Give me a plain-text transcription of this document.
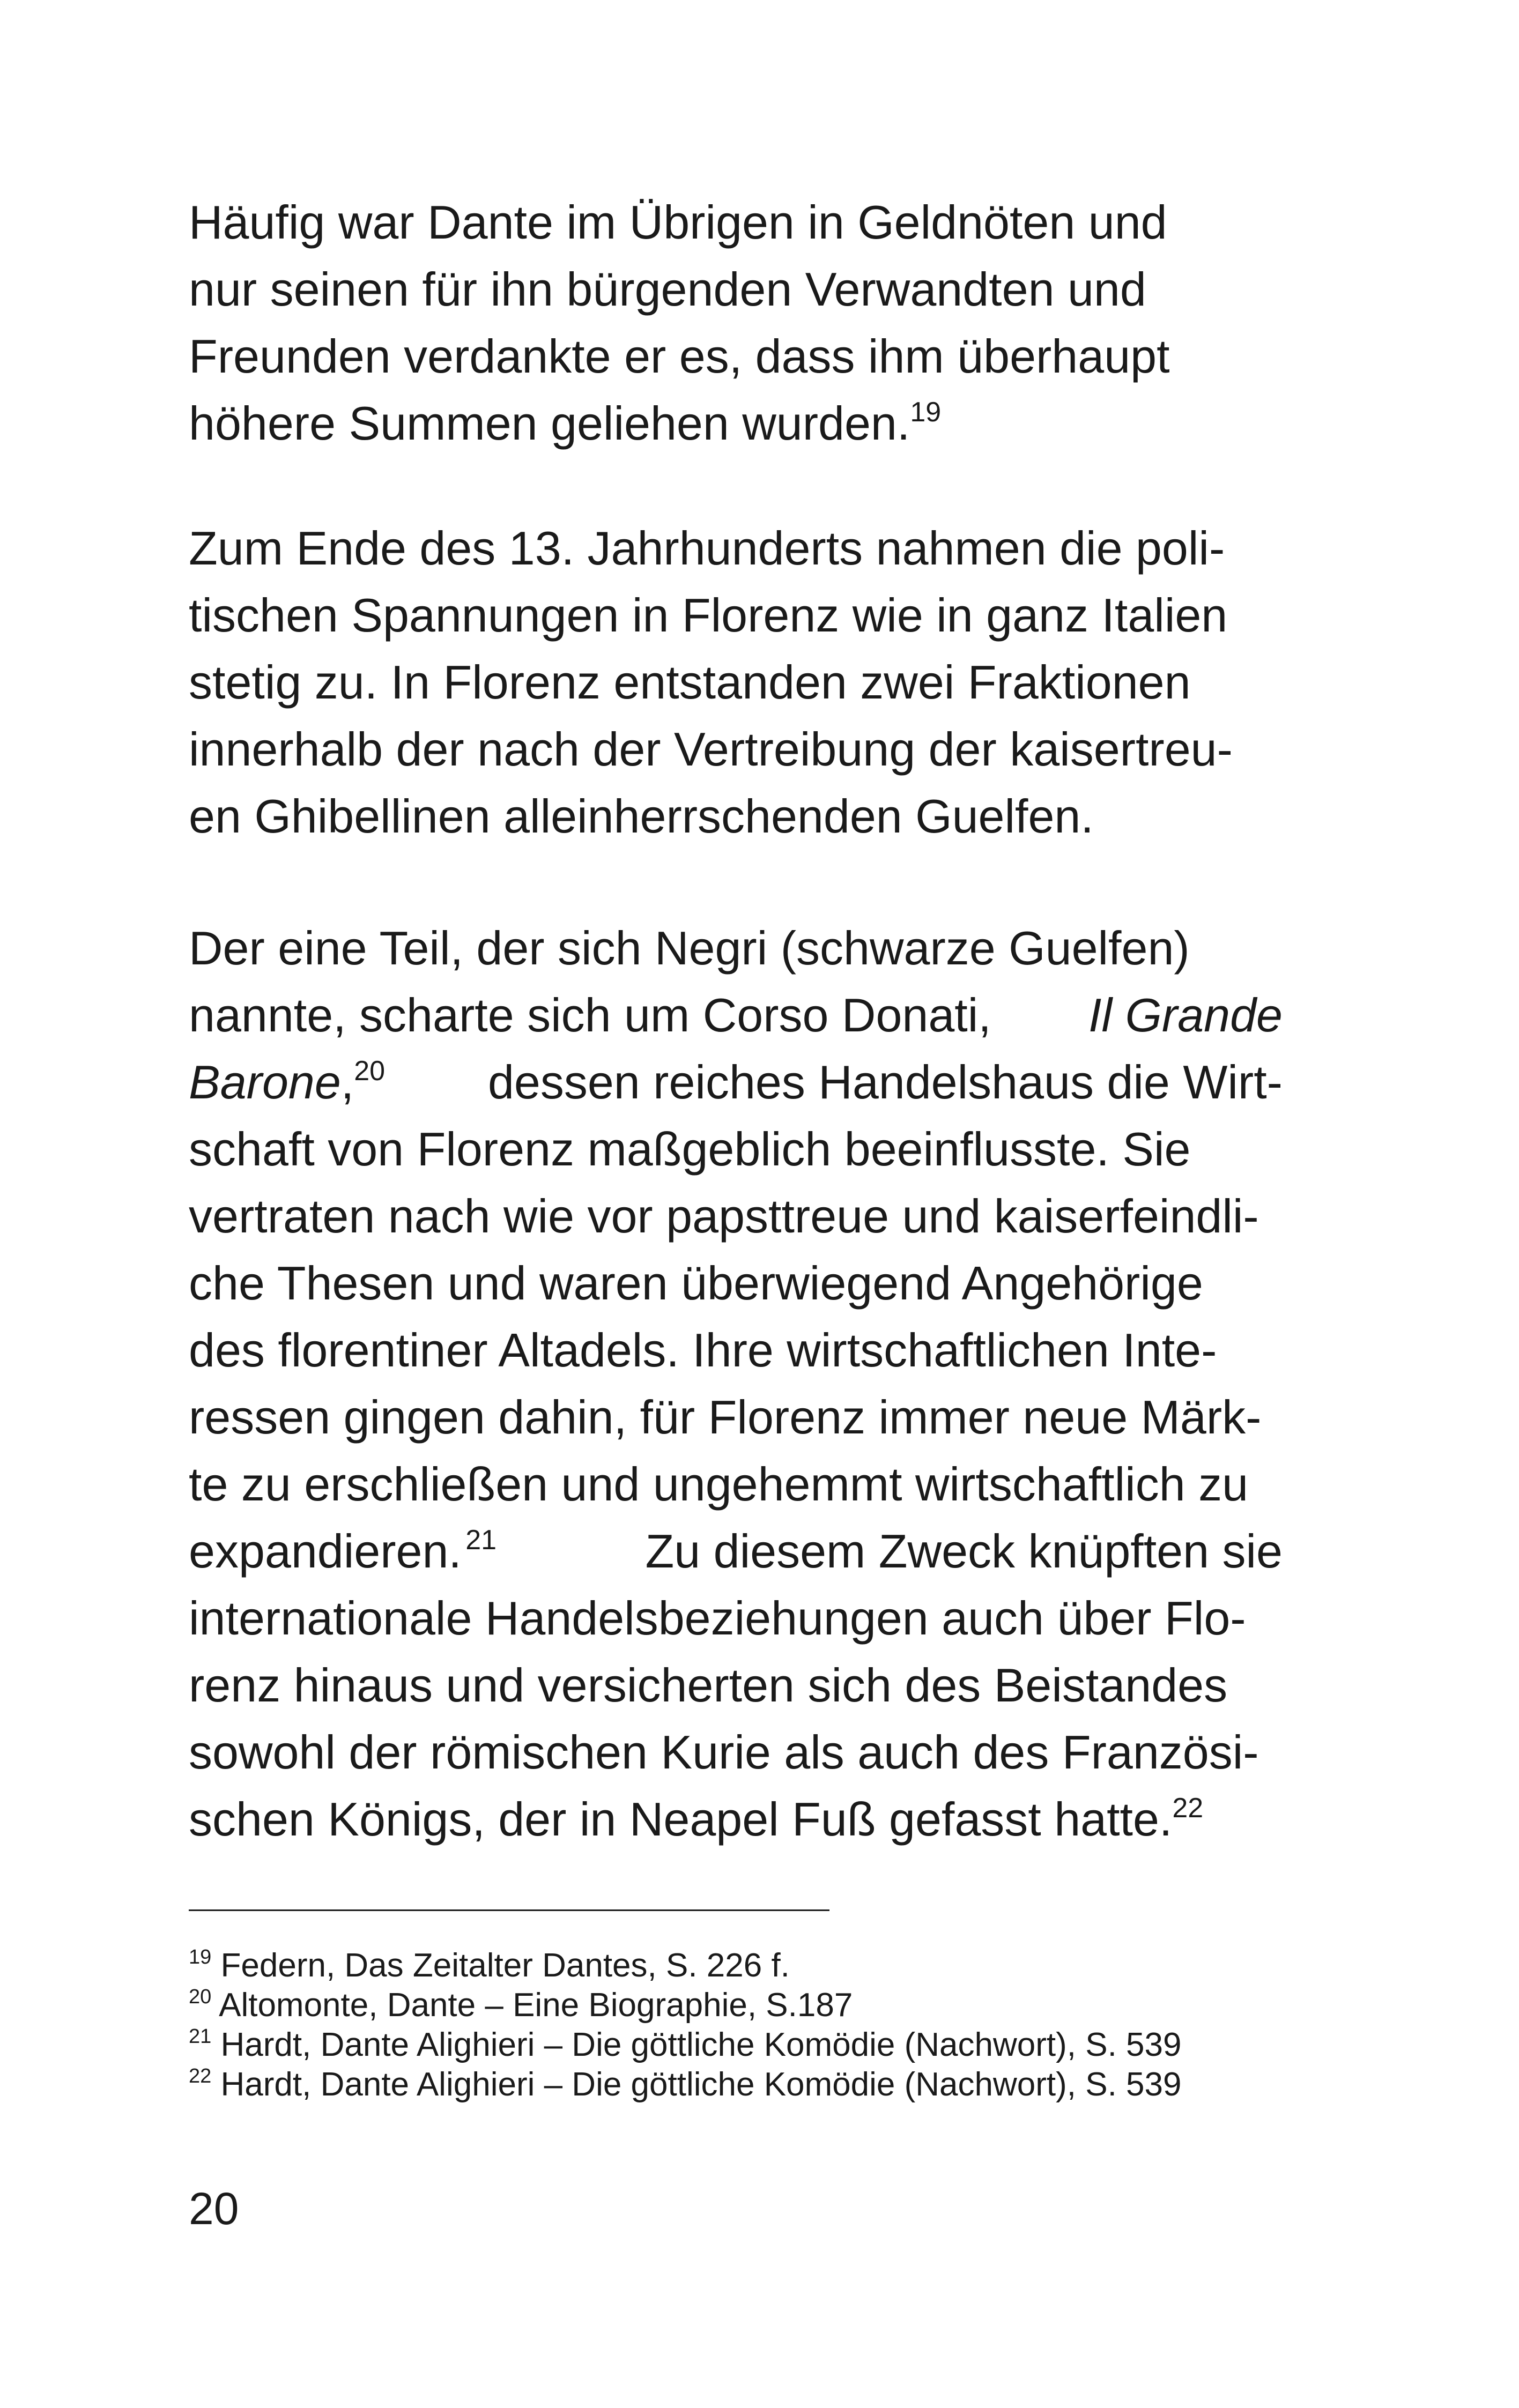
Häufig war Dante im Übrigen in Geldnöten und
nur seinen für ihn bürgenden Verwandten und
Freunden verdankte er es, dass ihm überhaupt
höhere Summen geliehen wurden.$^{19}$
Zum Ende des 13. Jahrhunderts nahmen die poli-
tischen Spannungen in Florenz wie in ganz Italien
stetig zu. In Florenz entstanden zwei Fraktionen
innerhalb der nach der Vertreibung der kaisertreu-
en Ghibellinen alleinherrschenden Guelfen.
Der eine Teil, der sich Negri (schwarze Guelfen)
nannte, scharte sich um Corso Donati, Il Grande
Barone,$^{20}$ dessen reiches Handelshaus die Wirt-
schaft von Florenz maßgeblich beeinflusste. Sie
vertraten nach wie vor papsttreue und kaiserfeindli-
che Thesen und waren überwiegend Angehörige
des florentiner Altadels. Ihre wirtschaftlichen Inte-
ressen gingen dahin, für Florenz immer neue Märk-
te zu erschließen und ungehemmt wirtschaftlich zu
expandieren.  $^{21}$	Zu diesem Zweck knüpften sie
internationale Handelsbeziehungen auch über Flo-
renz hinaus und versicherten sich des Beistandes
sowohl der römischen Kurie als auch des Französi-
schen Königs, der in Neapel Fuß gefasst hatte.$^{22}$
$^{19}$ Federn, Das Zeitalter Dantes, S. 226 f.
$^{20}$ Altomonte, Dante – Eine Biographie, S.187
$^{21}$ Hardt, Dante Alighieri – Die göttliche Komödie (Nachwort), S. 539
$^{22}$ Hardt, Dante Alighieri – Die göttliche Komödie (Nachwort), S. 539
20
